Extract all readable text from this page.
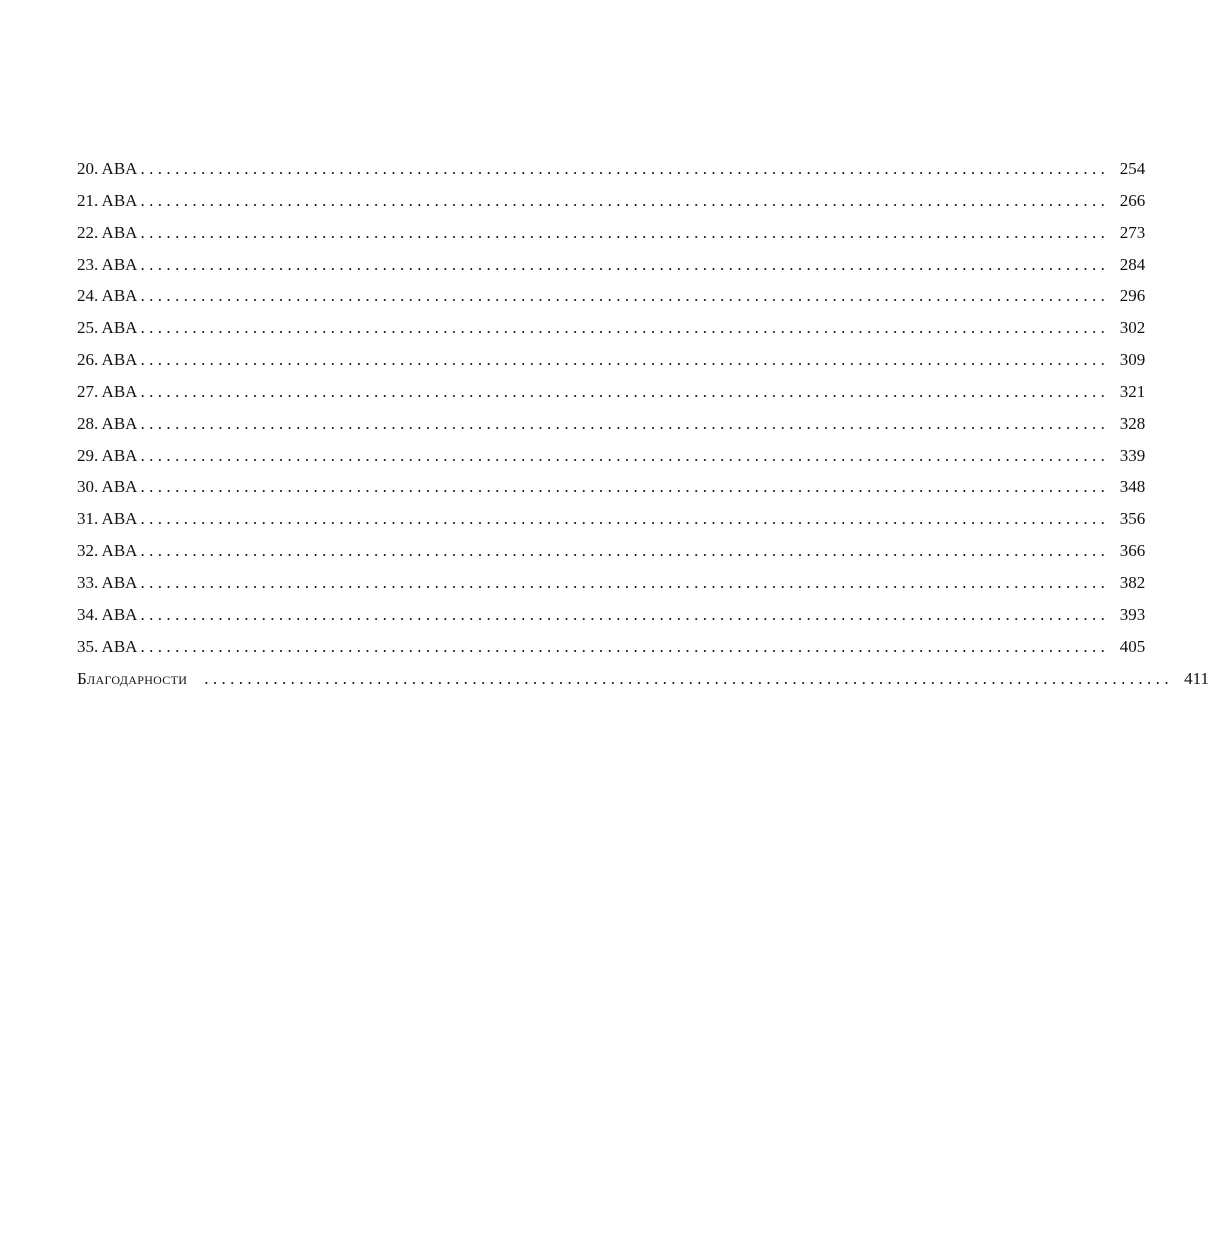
20. ABA ................................................................................................................ 254
21. ABA ................................................................................................................ 266
22. ABA ................................................................................................................ 273
23. ABA ................................................................................................................ 284
24. ABA ................................................................................................................ 296
25. ABA ................................................................................................................ 302
26. ABA ................................................................................................................ 309
27. ABA ................................................................................................................ 321
28. ABA ................................................................................................................ 328
29. ABA ................................................................................................................ 339
30. ABA ................................................................................................................ 348
31. ABA ................................................................................................................ 356
32. ABA ................................................................................................................ 366
33. ABA ................................................................................................................ 382
34. ABA ................................................................................................................ 393
35. ABA ................................................................................................................ 405
Благодарности ................................................................................................................ 411
